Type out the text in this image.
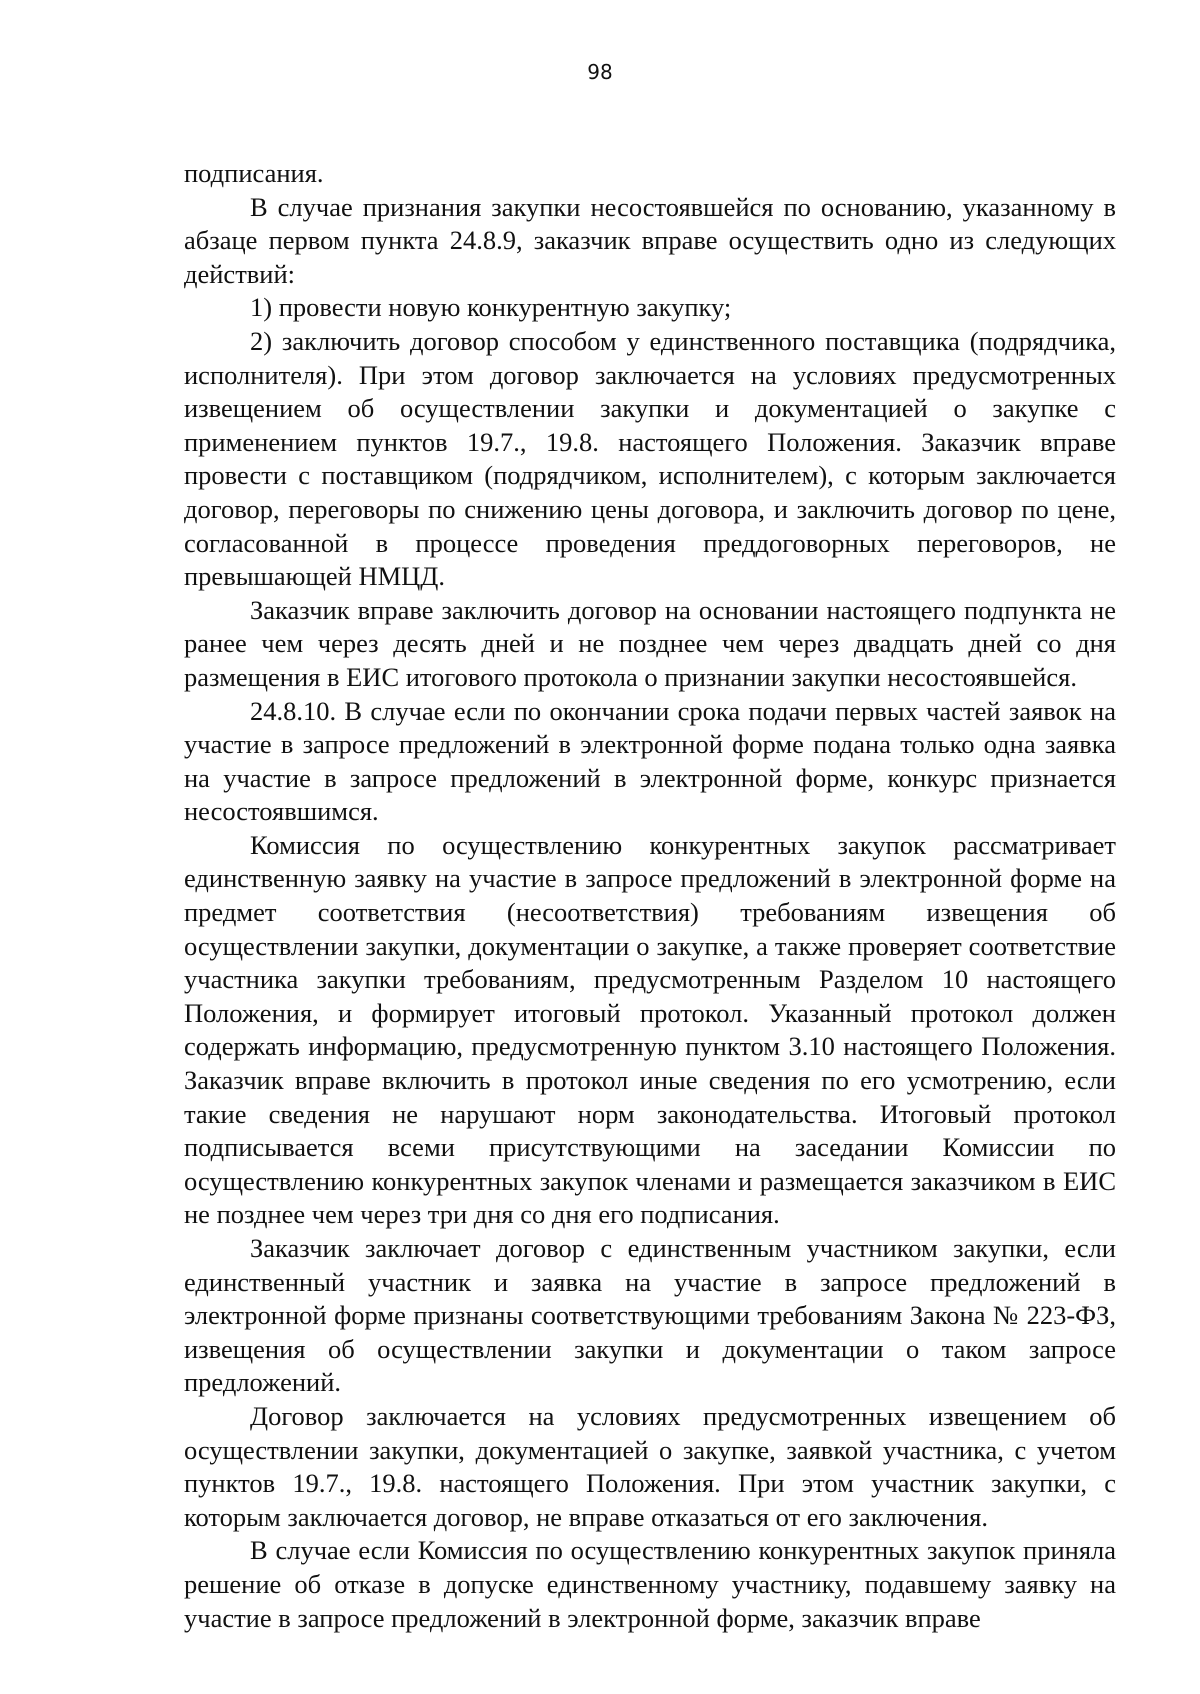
98

подписания.

В случае признания закупки несостоявшейся по основанию, указанному в абзаце первом пункта 24.8.9, заказчик вправе осуществить одно из следующих действий:

1) провести новую конкурентную закупку;

2) заключить договор способом у единственного поставщика (подрядчика, исполнителя). При этом договор заключается на условиях предусмотренных извещением об осуществлении закупки и документацией о закупке с применением пунктов 19.7., 19.8. настоящего Положения. Заказчик вправе провести с поставщиком (подрядчиком, исполнителем), с которым заключается договор, переговоры по снижению цены договора, и заключить договор по цене, согласованной в процессе проведения преддоговорных переговоров, не превышающей НМЦД.

Заказчик вправе заключить договор на основании настоящего подпункта не ранее чем через десять дней и не позднее чем через двадцать дней со дня размещения в ЕИС итогового протокола о признании закупки несостоявшейся.

24.8.10. В случае если по окончании срока подачи первых частей заявок на участие в запросе предложений в электронной форме подана только одна заявка на участие в запросе предложений в электронной форме, конкурс признается несостоявшимся.

Комиссия по осуществлению конкурентных закупок рассматривает единственную заявку на участие в запросе предложений в электронной форме на предмет соответствия (несоответствия) требованиям извещения об осуществлении закупки, документации о закупке, а также проверяет соответствие участника закупки требованиям, предусмотренным Разделом 10 настоящего Положения, и формирует итоговый протокол. Указанный протокол должен содержать информацию, предусмотренную пунктом 3.10 настоящего Положения. Заказчик вправе включить в протокол иные сведения по его усмотрению, если такие сведения не нарушают норм законодательства. Итоговый протокол подписывается всеми присутствующими на заседании Комиссии по осуществлению конкурентных закупок членами и размещается заказчиком в ЕИС не позднее чем через три дня со дня его подписания.

Заказчик заключает договор с единственным участником закупки, если единственный участник и заявка на участие в запросе предложений в электронной форме признаны соответствующими требованиям Закона № 223-ФЗ, извещения об осуществлении закупки и документации о таком запросе предложений.

Договор заключается на условиях предусмотренных извещением об осуществлении закупки, документацией о закупке, заявкой участника, с учетом пунктов 19.7., 19.8. настоящего Положения. При этом участник закупки, с которым заключается договор, не вправе отказаться от его заключения.

В случае если Комиссия по осуществлению конкурентных закупок приняла решение об отказе в допуске единственному участнику, подавшему заявку на участие в запросе предложений в электронной форме, заказчик вправе
